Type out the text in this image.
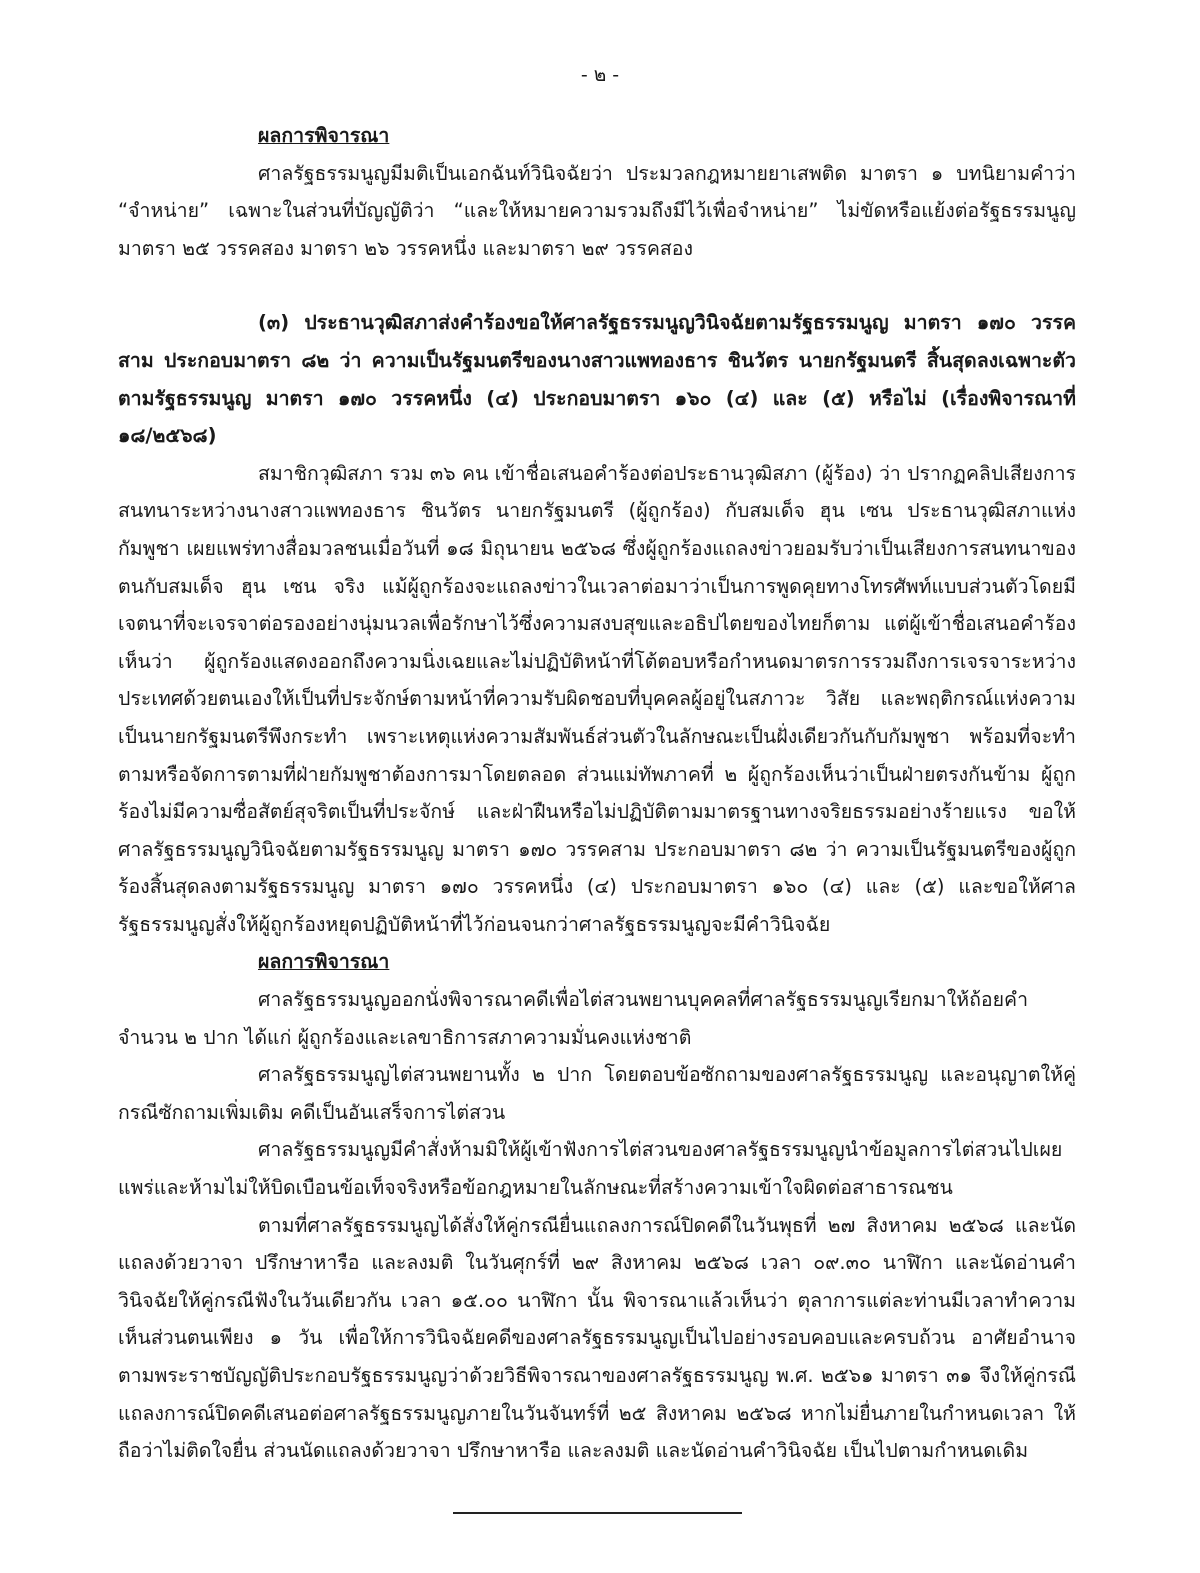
- ๒ -

ผลการพิจารณา

ศาลรัฐธรรมนูญมีมติเป็นเอกฉันท์วินิจฉัยว่า ประมวลกฎหมายยาเสพติด มาตรา ๑ บทนิยามคำว่า “จำหน่าย” เฉพาะในส่วนที่บัญญัติว่า “และให้หมายความรวมถึงมีไว้เพื่อจำหน่าย” ไม่ขัดหรือแย้งต่อรัฐธรรมนูญ มาตรา ๒๕ วรรคสอง มาตรา ๒๖ วรรคหนึ่ง และมาตรา ๒๙ วรรคสอง

(๓) ประธานวุฒิสภาส่งคำร้องขอให้ศาลรัฐธรรมนูญวินิจฉัยตามรัฐธรรมนูญ มาตรา ๑๗๐ วรรคสาม ประกอบมาตรา ๘๒ ว่า ความเป็นรัฐมนตรีของนางสาวแพทองธาร ชินวัตร นายกรัฐมนตรี สิ้นสุดลงเฉพาะตัวตามรัฐธรรมนูญ มาตรา ๑๗๐ วรรคหนึ่ง (๔) ประกอบมาตรา ๑๖๐ (๔) และ (๕) หรือไม่ (เรื่องพิจารณาที่ ๑๘/๒๕๖๘)

สมาชิกวุฒิสภา รวม ๓๖ คน เข้าชื่อเสนอคำร้องต่อประธานวุฒิสภา (ผู้ร้อง) ว่า ปรากฏคลิปเสียงการสนทนาระหว่างนางสาวแพทองธาร ชินวัตร นายกรัฐมนตรี (ผู้ถูกร้อง) กับสมเด็จ ฮุน เซน ประธานวุฒิสภาแห่งกัมพูชา เผยแพร่ทางสื่อมวลชนเมื่อวันที่ ๑๘ มิถุนายน ๒๕๖๘ ซึ่งผู้ถูกร้องแถลงข่าวยอมรับว่าเป็นเสียงการสนทนาของตนกับสมเด็จ ฮุน เซน จริง แม้ผู้ถูกร้องจะแถลงข่าวในเวลาต่อมาว่าเป็นการพูดคุยทางโทรศัพท์แบบส่วนตัวโดยมีเจตนาที่จะเจรจาต่อรองอย่างนุ่มนวลเพื่อรักษาไว้ซึ่งความสงบสุขและอธิปไตยของไทยก็ตาม แต่ผู้เข้าชื่อเสนอคำร้องเห็นว่า ผู้ถูกร้องแสดงออกถึงความนิ่งเฉยและไม่ปฏิบัติหน้าที่โต้ตอบหรือกำหนดมาตรการรวมถึงการเจรจาระหว่างประเทศด้วยตนเองให้เป็นที่ประจักษ์ตามหน้าที่ความรับผิดชอบที่บุคคลผู้อยู่ในสภาวะ วิสัย และพฤติกรณ์แห่งความเป็นนายกรัฐมนตรีพึงกระทำ เพราะเหตุแห่งความสัมพันธ์ส่วนตัวในลักษณะเป็นฝั่งเดียวกันกับกัมพูชา พร้อมที่จะทำตามหรือจัดการตามที่ฝ่ายกัมพูชาต้องการมาโดยตลอด ส่วนแม่ทัพภาคที่ ๒ ผู้ถูกร้องเห็นว่าเป็นฝ่ายตรงกันข้าม ผู้ถูกร้องไม่มีความซื่อสัตย์สุจริตเป็นที่ประจักษ์ และฝ่าฝืนหรือไม่ปฏิบัติตามมาตรฐานทางจริยธรรมอย่างร้ายแรง ขอให้ศาลรัฐธรรมนูญวินิจฉัยตามรัฐธรรมนูญ มาตรา ๑๗๐ วรรคสาม ประกอบมาตรา ๘๒ ว่า ความเป็นรัฐมนตรีของผู้ถูกร้องสิ้นสุดลงตามรัฐธรรมนูญ มาตรา ๑๗๐ วรรคหนึ่ง (๔) ประกอบมาตรา ๑๖๐ (๔) และ (๕) และขอให้ศาลรัฐธรรมนูญสั่งให้ผู้ถูกร้องหยุดปฏิบัติหน้าที่ไว้ก่อนจนกว่าศาลรัฐธรรมนูญจะมีคำวินิจฉัย

ผลการพิจารณา

ศาลรัฐธรรมนูญออกนั่งพิจารณาคดีเพื่อไต่สวนพยานบุคคลที่ศาลรัฐธรรมนูญเรียกมาให้ถ้อยคำ จำนวน ๒ ปาก ได้แก่ ผู้ถูกร้องและเลขาธิการสภาความมั่นคงแห่งชาติ

ศาลรัฐธรรมนูญไต่สวนพยานทั้ง ๒ ปาก โดยตอบข้อซักถามของศาลรัฐธรรมนูญ และอนุญาตให้คู่กรณีซักถามเพิ่มเติม คดีเป็นอันเสร็จการไต่สวน

ศาลรัฐธรรมนูญมีคำสั่งห้ามมิให้ผู้เข้าฟังการไต่สวนของศาลรัฐธรรมนูญนำข้อมูลการไต่สวนไปเผยแพร่และห้ามไม่ให้บิดเบือนข้อเท็จจริงหรือข้อกฎหมายในลักษณะที่สร้างความเข้าใจผิดต่อสาธารณชน

ตามที่ศาลรัฐธรรมนูญได้สั่งให้คู่กรณียื่นแถลงการณ์ปิดคดีในวันพุธที่ ๒๗ สิงหาคม ๒๕๖๘ และนัดแถลงด้วยวาจา ปรึกษาหารือ และลงมติ ในวันศุกร์ที่ ๒๙ สิงหาคม ๒๕๖๘ เวลา ๐๙.๓๐ นาฬิกา และนัดอ่านคำวินิจฉัยให้คู่กรณีฟังในวันเดียวกัน เวลา ๑๕.๐๐ นาฬิกา นั้น พิจารณาแล้วเห็นว่า ตุลาการแต่ละท่านมีเวลาทำความเห็นส่วนตนเพียง ๑ วัน เพื่อให้การวินิจฉัยคดีของศาลรัฐธรรมนูญเป็นไปอย่างรอบคอบและครบถ้วน อาศัยอำนาจตามพระราชบัญญัติประกอบรัฐธรรมนูญว่าด้วยวิธีพิจารณาของศาลรัฐธรรมนูญ พ.ศ. ๒๕๖๑ มาตรา ๓๑ จึงให้คู่กรณีแถลงการณ์ปิดคดีเสนอต่อศาลรัฐธรรมนูญภายในวันจันทร์ที่ ๒๕ สิงหาคม ๒๕๖๘ หากไม่ยื่นภายในกำหนดเวลา ให้ถือว่าไม่ติดใจยื่น ส่วนนัดแถลงด้วยวาจา ปรึกษาหารือ และลงมติ และนัดอ่านคำวินิจฉัย เป็นไปตามกำหนดเดิม
